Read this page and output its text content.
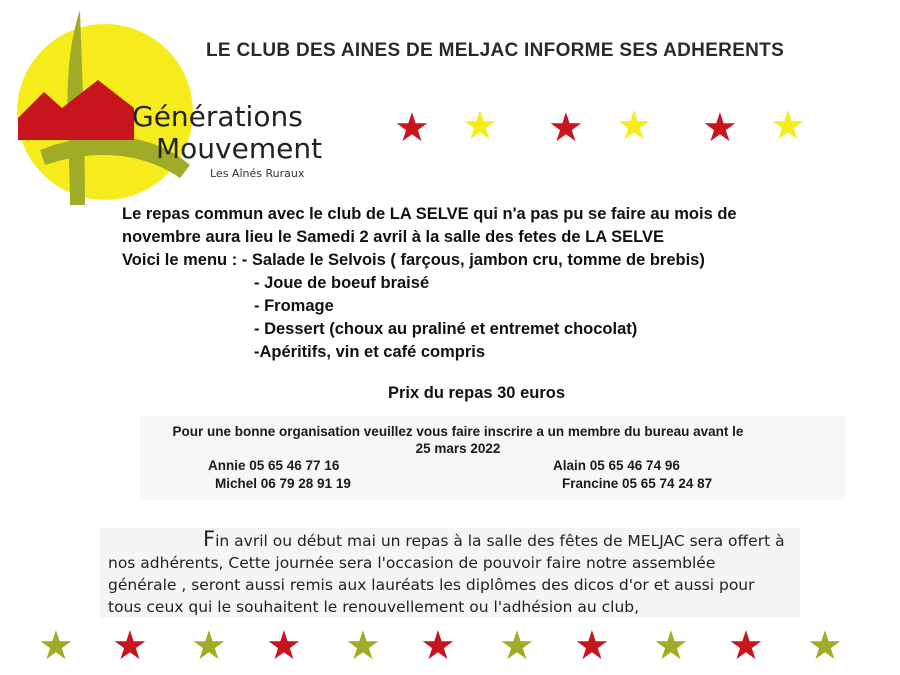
Générations
Mouvement
Les Aînés Ruraux
LE CLUB DES AINES DE MELJAC INFORME SES ADHERENTS
★ ★ ★ ★ ★ ★
Le repas commun avec le club de LA SELVE qui n'a pas pu se faire au mois de
novembre aura lieu le Samedi 2 avril à la salle des fetes de LA SELVE
Voici le menu : - Salade le Selvois ( farçous, jambon cru, tomme de brebis)
- Joue de boeuf braisé
- Fromage
- Dessert (choux au praliné et entremet chocolat)
-Apéritifs, vin et café compris
Prix du repas 30 euros
Pour une bonne organisation veuillez vous faire inscrire a un membre du bureau avant le
25 mars 2022
Annie 05 65 46 77 16	Alain 05 65 46 74 96
Michel 06 79 28 91 19	Francine 05 65 74 24 87
Fin avril ou début mai un repas à la salle des fêtes de MELJAC sera offert à
nos adhérents, Cette journée sera l'occasion de pouvoir faire notre assemblée
générale , seront aussi remis aux lauréats les diplômes des dicos d'or et aussi pour
tous ceux qui le souhaitent le renouvellement ou l'adhésion au club,
★ ★ ★ ★ ★ ★ ★ ★ ★ ★ ★
